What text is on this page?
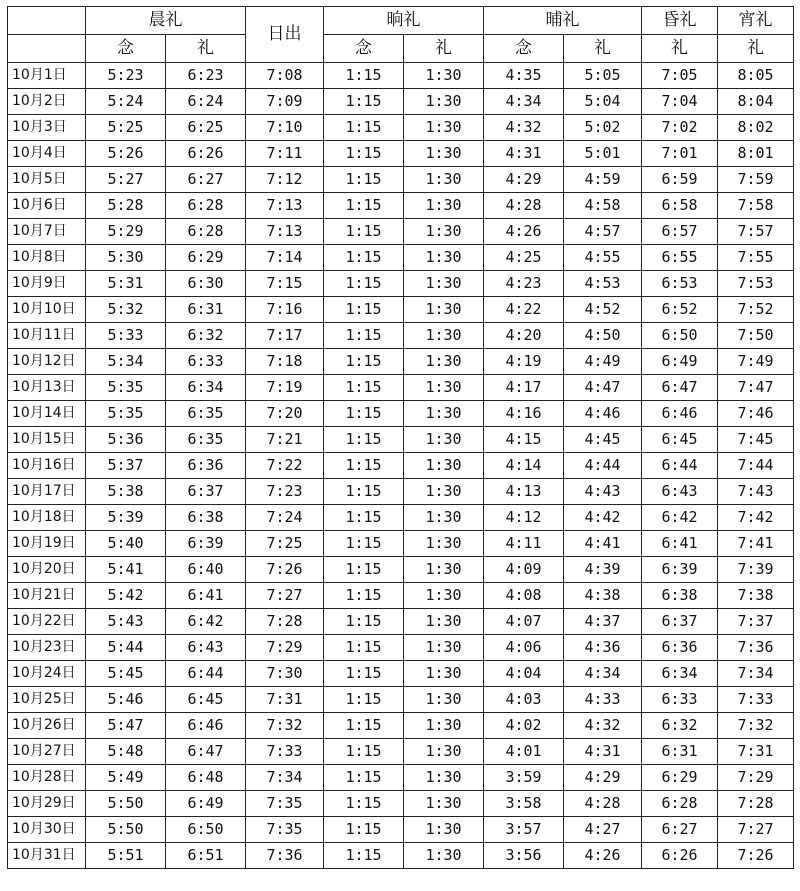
	晨礼		日出	晌礼		晡礼		昏礼	宵礼
	念	礼		念	礼	念	礼	礼	礼
10月1日	5:23	6:23	7:08	1:15	1:30	4:35	5:05	7:05	8:05
10月2日	5:24	6:24	7:09	1:15	1:30	4:34	5:04	7:04	8:04
10月3日	5:25	6:25	7:10	1:15	1:30	4:32	5:02	7:02	8:02
10月4日	5:26	6:26	7:11	1:15	1:30	4:31	5:01	7:01	8:01
10月5日	5:27	6:27	7:12	1:15	1:30	4:29	4:59	6:59	7:59
10月6日	5:28	6:28	7:13	1:15	1:30	4:28	4:58	6:58	7:58
10月7日	5:29	6:28	7:13	1:15	1:30	4:26	4:57	6:57	7:57
10月8日	5:30	6:29	7:14	1:15	1:30	4:25	4:55	6:55	7:55
10月9日	5:31	6:30	7:15	1:15	1:30	4:23	4:53	6:53	7:53
10月10日	5:32	6:31	7:16	1:15	1:30	4:22	4:52	6:52	7:52
10月11日	5:33	6:32	7:17	1:15	1:30	4:20	4:50	6:50	7:50
10月12日	5:34	6:33	7:18	1:15	1:30	4:19	4:49	6:49	7:49
10月13日	5:35	6:34	7:19	1:15	1:30	4:17	4:47	6:47	7:47
10月14日	5:35	6:35	7:20	1:15	1:30	4:16	4:46	6:46	7:46
10月15日	5:36	6:35	7:21	1:15	1:30	4:15	4:45	6:45	7:45
10月16日	5:37	6:36	7:22	1:15	1:30	4:14	4:44	6:44	7:44
10月17日	5:38	6:37	7:23	1:15	1:30	4:13	4:43	6:43	7:43
10月18日	5:39	6:38	7:24	1:15	1:30	4:12	4:42	6:42	7:42
10月19日	5:40	6:39	7:25	1:15	1:30	4:11	4:41	6:41	7:41
10月20日	5:41	6:40	7:26	1:15	1:30	4:09	4:39	6:39	7:39
10月21日	5:42	6:41	7:27	1:15	1:30	4:08	4:38	6:38	7:38
10月22日	5:43	6:42	7:28	1:15	1:30	4:07	4:37	6:37	7:37
10月23日	5:44	6:43	7:29	1:15	1:30	4:06	4:36	6:36	7:36
10月24日	5:45	6:44	7:30	1:15	1:30	4:04	4:34	6:34	7:34
10月25日	5:46	6:45	7:31	1:15	1:30	4:03	4:33	6:33	7:33
10月26日	5:47	6:46	7:32	1:15	1:30	4:02	4:32	6:32	7:32
10月27日	5:48	6:47	7:33	1:15	1:30	4:01	4:31	6:31	7:31
10月28日	5:49	6:48	7:34	1:15	1:30	3:59	4:29	6:29	7:29
10月29日	5:50	6:49	7:35	1:15	1:30	3:58	4:28	6:28	7:28
10月30日	5:50	6:50	7:35	1:15	1:30	3:57	4:27	6:27	7:27
10月31日	5:51	6:51	7:36	1:15	1:30	3:56	4:26	6:26	7:26
